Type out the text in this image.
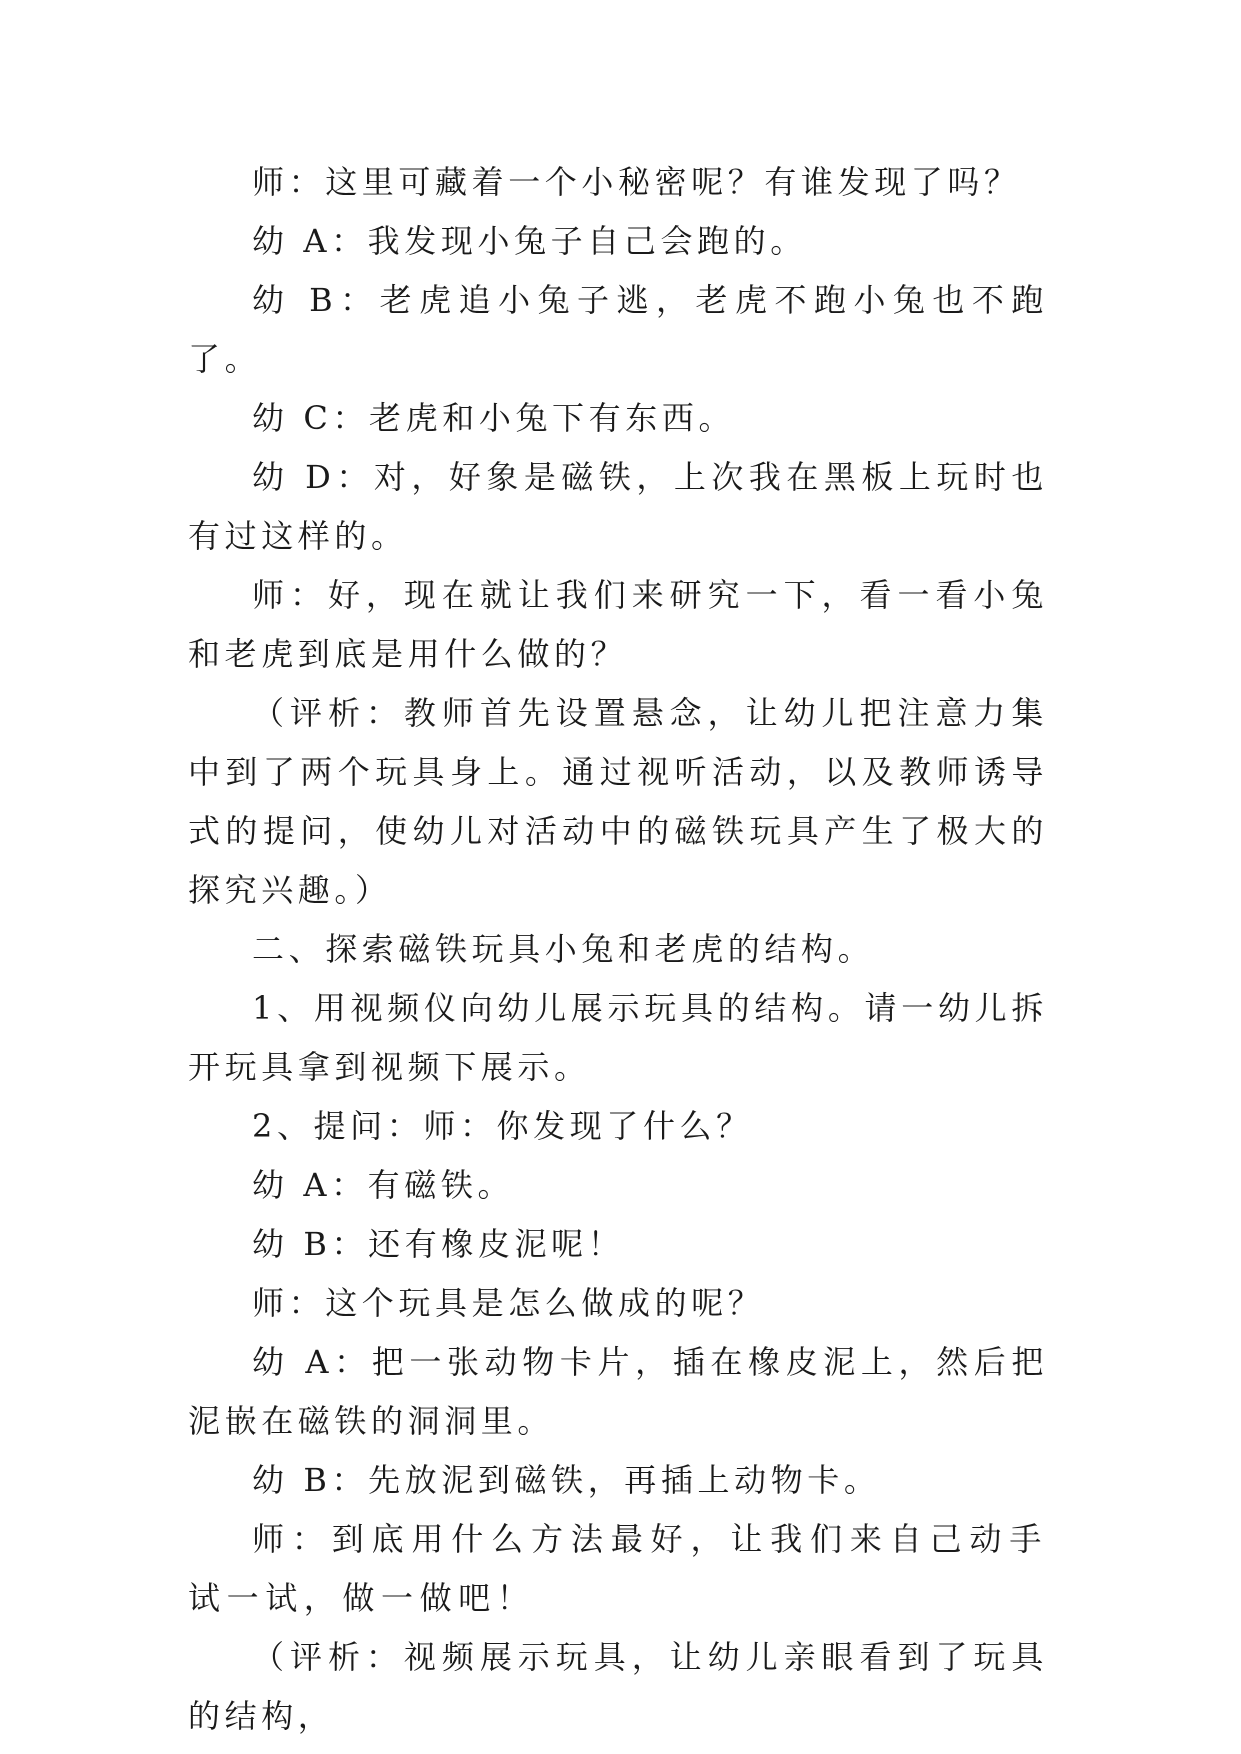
师：这里可藏着一个小秘密呢？有谁发现了吗？

幼 A：我发现小兔子自己会跑的。

幼 B：老虎追小兔子逃，老虎不跑小兔也不跑了。

幼 C：老虎和小兔下有东西。

幼 D：对，好象是磁铁，上次我在黑板上玩时也有过这样的。

师：好，现在就让我们来研究一下，看一看小兔和老虎到底是用什么做的？

（评析：教师首先设置悬念，让幼儿把注意力集中到了两个玩具身上。通过视听活动，以及教师诱导式的提问，使幼儿对活动中的磁铁玩具产生了极大的探究兴趣。）

二、探索磁铁玩具小兔和老虎的结构。

1、用视频仪向幼儿展示玩具的结构。请一幼儿拆开玩具拿到视频下展示。

2、提问：师：你发现了什么？

幼 A：有磁铁。

幼 B：还有橡皮泥呢！

师：这个玩具是怎么做成的呢？

幼 A：把一张动物卡片，插在橡皮泥上，然后把泥嵌在磁铁的洞洞里。

幼 B：先放泥到磁铁，再插上动物卡。

师：到底用什么方法最好，让我们来自己动手试一试，做一做吧！

（评析：视频展示玩具，让幼儿亲眼看到了玩具的结构，
